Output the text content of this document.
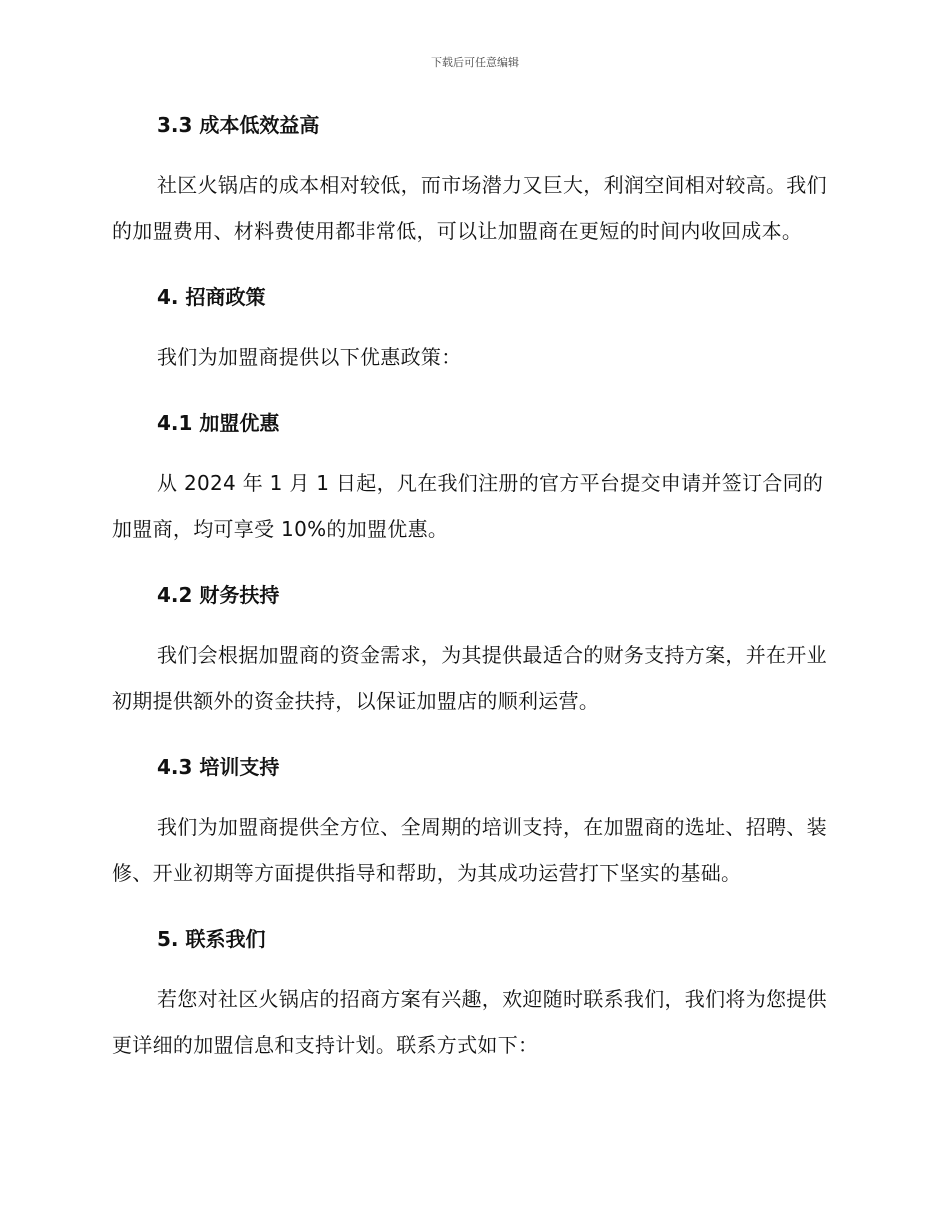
下载后可任意编辑
3.3 成本低效益高

社区火锅店的成本相对较低，而市场潜力又巨大，利润空间相对较高。我们的加盟费用、材料费使用都非常低，可以让加盟商在更短的时间内收回成本。

4. 招商政策

我们为加盟商提供以下优惠政策：

4.1 加盟优惠

从 2024 年 1 月 1 日起，凡在我们注册的官方平台提交申请并签订合同的加盟商，均可享受 10%的加盟优惠。

4.2 财务扶持

我们会根据加盟商的资金需求，为其提供最适合的财务支持方案，并在开业初期提供额外的资金扶持，以保证加盟店的顺利运营。

4.3 培训支持

我们为加盟商提供全方位、全周期的培训支持，在加盟商的选址、招聘、装修、开业初期等方面提供指导和帮助，为其成功运营打下坚实的基础。

5. 联系我们

若您对社区火锅店的招商方案有兴趣，欢迎随时联系我们，我们将为您提供更详细的加盟信息和支持计划。联系方式如下：
